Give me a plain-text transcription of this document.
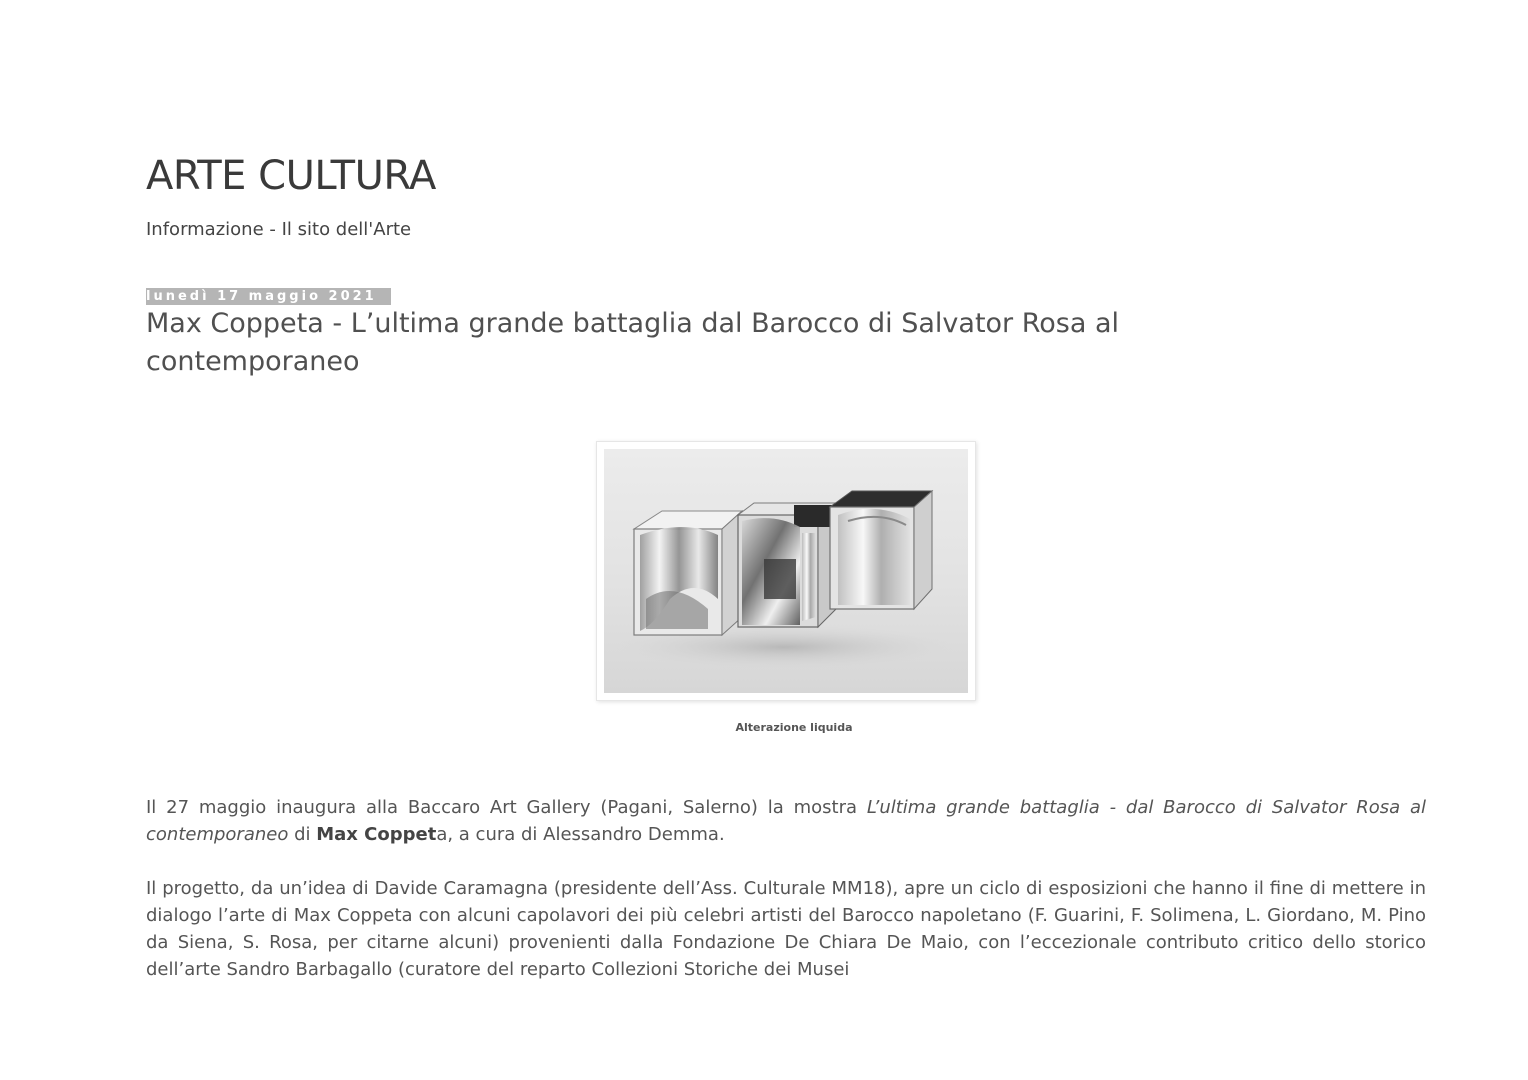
ARTE CULTURA
Informazione - Il sito dell'Arte
lunedì 17 maggio 2021
Max Coppeta - L’ultima grande battaglia dal Barocco di Salvator Rosa al contemporaneo
Alterazione liquida

Il 27 maggio inaugura alla Baccaro Art Gallery (Pagani, Salerno) la mostra L’ultima grande battaglia - dal Barocco di Salvator Rosa al contemporaneo di Max Coppeta, a cura di Alessandro Demma.

Il progetto, da un’idea di Davide Caramagna (presidente dell’Ass. Culturale MM18), apre un ciclo di esposizioni che hanno il fine di mettere in dialogo l’arte di Max Coppeta con alcuni capolavori dei più celebri artisti del Barocco napoletano (F. Guarini, F. Solimena, L. Giordano, M. Pino da Siena, S. Rosa, per citarne alcuni) provenienti dalla Fondazione De Chiara De Maio, con l’eccezionale contributo critico dello storico dell’arte Sandro Barbagallo (curatore del reparto Collezioni Storiche dei Musei
